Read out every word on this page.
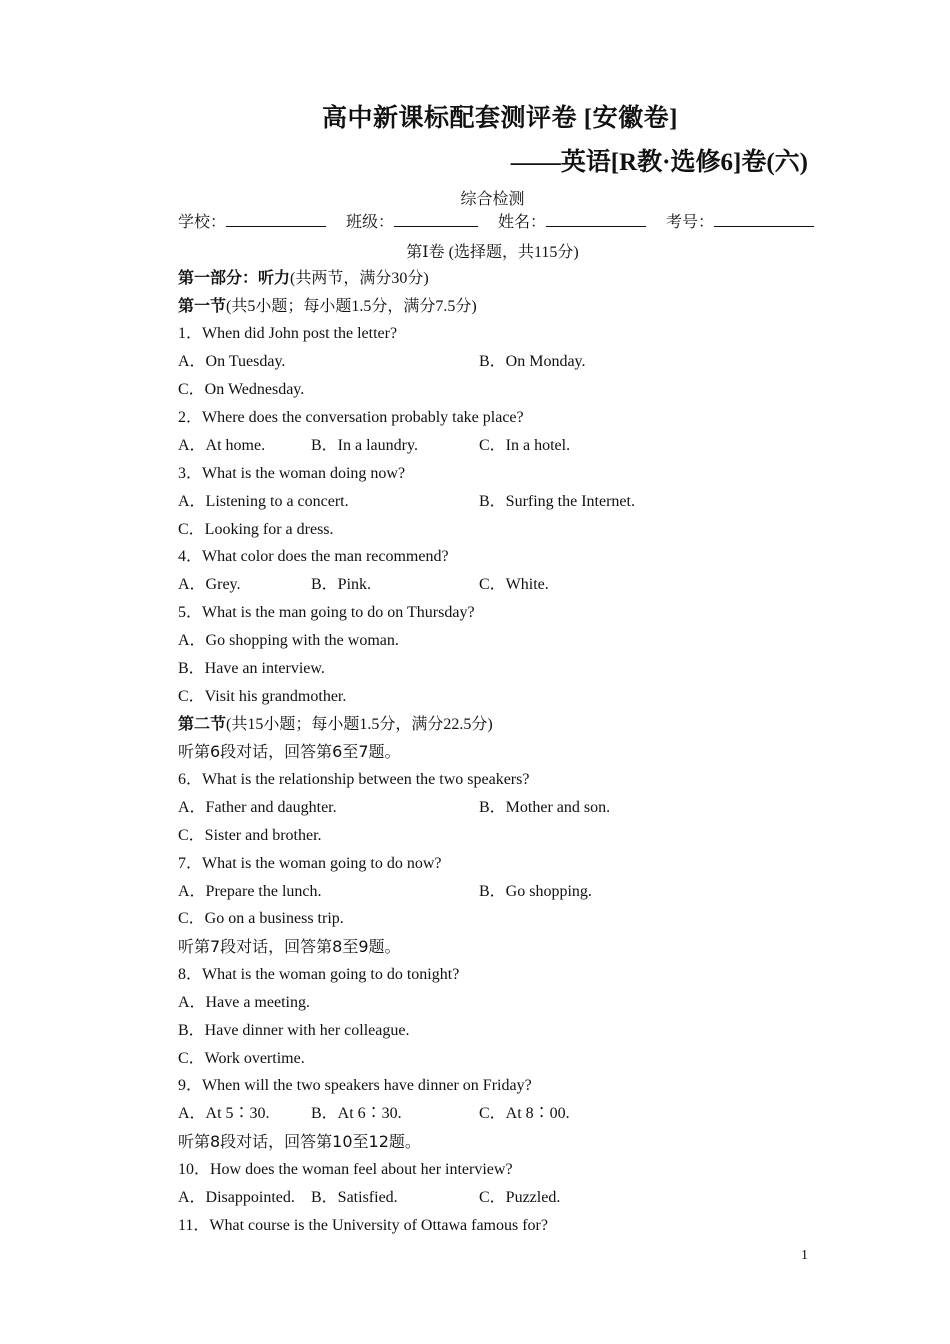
高中新课标配套测评卷 [安徽卷]
——英语[R教·选修6]卷(六)
综合检测
学校：	班级：	姓名：	考号：
第Ⅰ卷 (选择题，共115分)
第一部分：听力(共两节，满分30分)
第一节(共5小题；每小题1.5分，满分7.5分)
1．When did John post the letter?
A．On Tuesday.	B．On Monday.
C．On Wednesday.
2．Where does the conversation probably take place?
A．At home.	B．In a laundry.	C．In a hotel.
3．What is the woman doing now?
A．Listening to a concert.	B．Surfing the Internet.
C．Looking for a dress.
4．What color does the man recommend?
A．Grey.	B．Pink.	C．White.
5．What is the man going to do on Thursday?
A．Go shopping with the woman.
B．Have an interview.
C．Visit his grandmother.
第二节(共15小题；每小题1.5分，满分22.5分)
听第6段对话，回答第6至7题。
6．What is the relationship between the two speakers?
A．Father and daughter.	B．Mother and son.
C．Sister and brother.
7．What is the woman going to do now?
A．Prepare the lunch.	B．Go shopping.
C．Go on a business trip.
听第7段对话，回答第8至9题。
8．What is the woman going to do tonight?
A．Have a meeting.
B．Have dinner with her colleague.
C．Work overtime.
9．When will the two speakers have dinner on Friday?
A．At 5∶30.	B．At 6∶30.	C．At 8∶00.
听第8段对话，回答第10至12题。
10．How does the woman feel about her interview?
A．Disappointed. B．Satisfied.	C．Puzzled.
11．What course is the University of Ottawa famous for?
1
